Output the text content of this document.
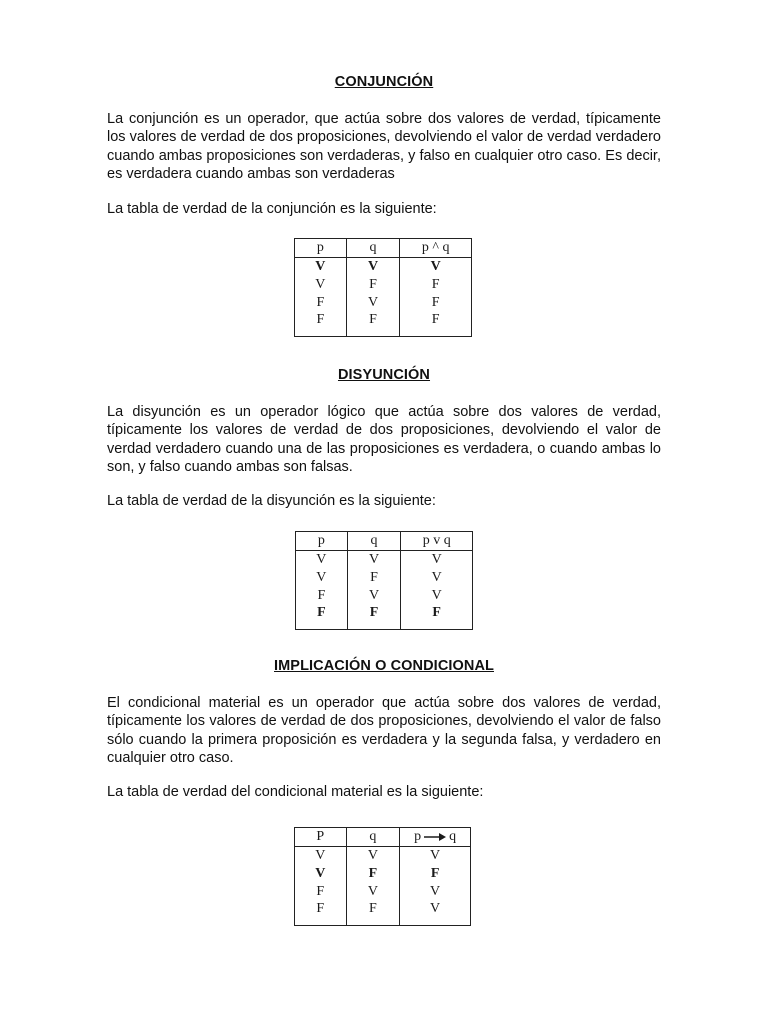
CONJUNCIÓN

La conjunción es un operador, que actúa sobre dos valores de verdad, típicamente los valores de verdad de dos proposiciones, devolviendo el valor de verdad verdadero cuando ambas proposiciones son verdaderas, y falso en cualquier otro caso. Es decir, es verdadera cuando ambas son verdaderas

La tabla de verdad de la conjunción es la siguiente:

p	q	p ^ q
V	V	V
V	F	F
F	V	F
F	F	F
DISYUNCIÓN

La disyunción es un operador lógico que actúa sobre dos valores de verdad, típicamente los valores de verdad de dos proposiciones, devolviendo el valor de verdad verdadero cuando una de las proposiciones es verdadera, o cuando ambas lo son, y falso cuando ambas son falsas.

La tabla de verdad de la disyunción es la siguiente:

p	q	p v q
V	V	V
V	F	V
F	V	V
F	F	F
IMPLICACIÓN O CONDICIONAL

El condicional material es un operador que actúa sobre dos valores de verdad, típicamente los valores de verdad de dos proposiciones, devolviendo el valor de falso sólo cuando la primera proposición es verdadera y la segunda falsa, y verdadero en cualquier otro caso.

La tabla de verdad del condicional material es la siguiente:

P	q	p q

V	V	V
V	F	F
F	V	V
F	F	V
